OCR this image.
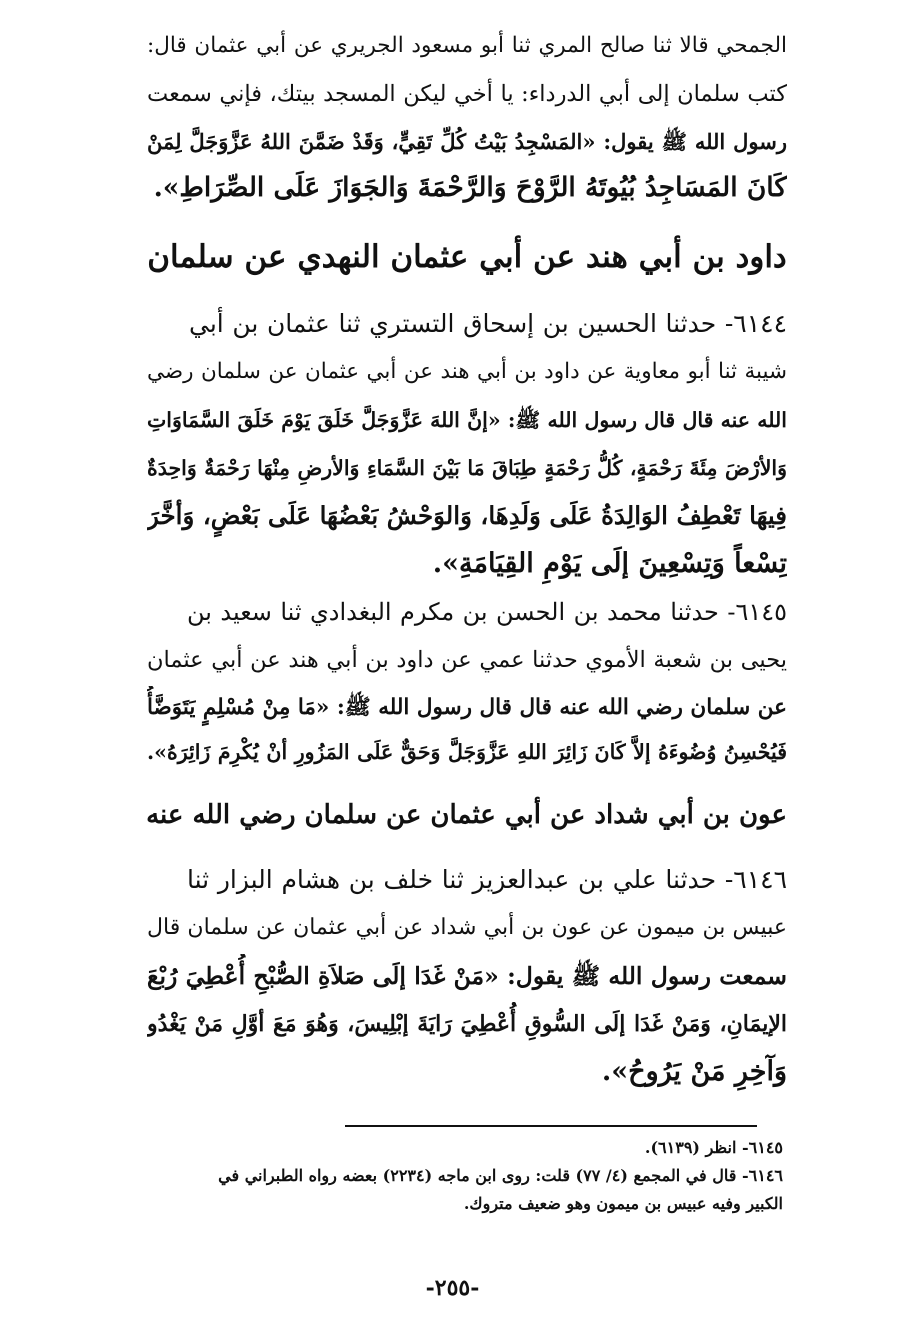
الجمحي قالا ثنا صالح المري ثنا أبو مسعود الجريري عن أبي عثمان قال:
كتب سلمان إلى أبي الدرداء: يا أخي ليكن المسجد بيتك، فإني سمعت
رسول الله ﷺ يقول: «المَسْجِدُ بَيْتُ كُلِّ تَقِيٍّ، وَقَدْ ضَمَّنَ اللهُ عَزَّوَجَلَّ لِمَنْ
كَانَ المَسَاجِدُ بُيُوتَهُ الرَّوْحَ وَالرَّحْمَةَ وَالجَوَازَ عَلَى الصِّرَاطِ».
داود بن أبي هند عن أبي عثمان النهدي عن سلمان
٦١٤٤- حدثنا الحسين بن إسحاق التستري ثنا عثمان بن أبي
شيبة ثنا أبو معاوية عن داود بن أبي هند عن أبي عثمان عن سلمان رضي
الله عنه قال قال رسول الله ﷺ: «إنَّ اللهَ عَزَّوَجَلَّ خَلَقَ يَوْمَ خَلَقَ السَّمَاوَاتِ
وَالأرْضَ مِئَةَ رَحْمَةٍ، كُلُّ رَحْمَةٍ طِبَاقَ مَا بَيْنَ السَّمَاءِ وَالأرضِ مِنْهَا رَحْمَةٌ وَاحِدَةٌ
فِيهَا تَعْطِفُ الوَالِدَةُ عَلَى وَلَدِهَا، وَالوَحْشُ بَعْضُهَا عَلَى بَعْضٍ، وَأخَّرَ
تِسْعاً وَتِسْعِينَ إلَى يَوْمِ القِيَامَةِ».
٦١٤٥- حدثنا محمد بن الحسن بن مكرم البغدادي ثنا سعيد بن
يحيى بن شعبة الأموي حدثنا عمي عن داود بن أبي هند عن أبي عثمان
عن سلمان رضي الله عنه قال قال رسول الله ﷺ: «مَا مِنْ مُسْلِمٍ يَتَوَضَّأُ
فَيُحْسِنُ وُضُوءَهُ إلاَّ كَانَ زَائِرَ اللهِ عَزَّوَجَلَّ وَحَقٌّ عَلَى المَزُورِ أنْ يُكْرِمَ زَائِرَهُ».
عون بن أبي شداد عن أبي عثمان عن سلمان رضي الله عنه
٦١٤٦- حدثنا علي بن عبدالعزيز ثنا خلف بن هشام البزار ثنا
عبيس بن ميمون عن عون بن أبي شداد عن أبي عثمان عن سلمان قال
سمعت رسول الله ﷺ يقول: «مَنْ غَدَا إلَى صَلاَةِ الصُّبْحِ أُعْطِيَ رُبْعَ
الإيمَانِ، وَمَنْ غَدَا إلَى السُّوقِ أُعْطِيَ رَايَةَ إبْلِيسَ، وَهُوَ مَعَ أوَّلِ مَنْ يَغْدُو
وَآخِرِ مَنْ يَرُوحُ».
٦١٤٥- انظر (٦١٣٩).
٦١٤٦- قال في المجمع (٤/ ٧٧) قلت: روى ابن ماجه (٢٢٣٤) بعضه رواه الطبراني في
الكبير وفيه عبيس بن ميمون وهو ضعيف متروك.
-٢٥٥-
